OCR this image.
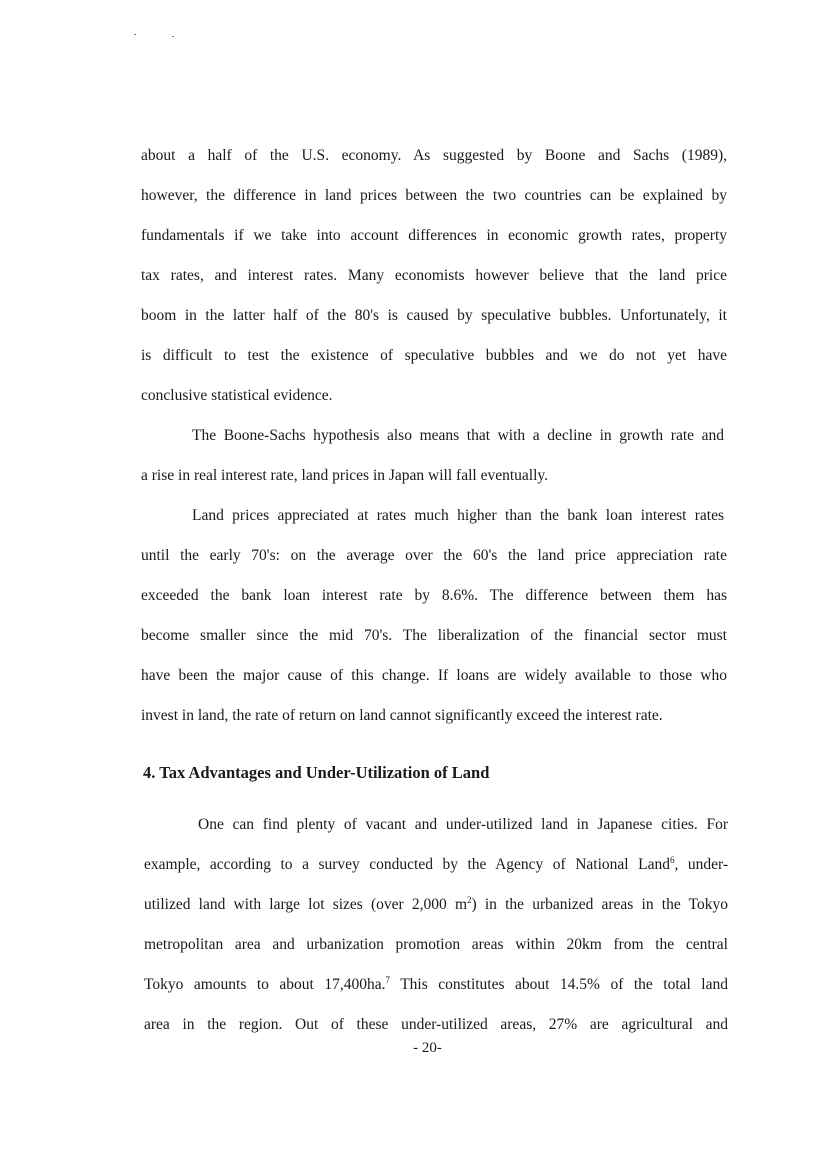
about a half of the U.S. economy. As suggested by Boone and Sachs (1989),
however, the difference in land prices between the two countries can be explained by
fundamentals if we take into account differences in economic growth rates, property
tax rates, and interest rates. Many economists however believe that the land price
boom in the latter half of the 80's is caused by speculative bubbles. Unfortunately, it
is difficult to test the existence of speculative bubbles and we do not yet have
conclusive statistical evidence.
The Boone-Sachs hypothesis also means that with a decline in growth rate and
a rise in real interest rate, land prices in Japan will fall eventually.
Land prices appreciated at rates much higher than the bank loan interest rates
until the early 70's: on the average over the 60's the land price appreciation rate
exceeded the bank loan interest rate by 8.6%. The difference between them has
become smaller since the mid 70's. The liberalization of the financial sector must
have been the major cause of this change. If loans are widely available to those who
invest in land, the rate of return on land cannot significantly exceed the interest rate.
4. Tax Advantages and Under-Utilization of Land
One can find plenty of vacant and under-utilized land in Japanese cities. For
example, according to a survey conducted by the Agency of National Land$^6$, under-
utilized land with large lot sizes (over 2,000 $m^2$) in the urbanized areas in the Tokyo
metropolitan area and urbanization promotion areas within 20km from the central
Tokyo amounts to about 17,400ha.$^7$ This constitutes about 14.5% of the total land
area in the region. Out of these under-utilized areas, 27% are agricultural and
- 20-
